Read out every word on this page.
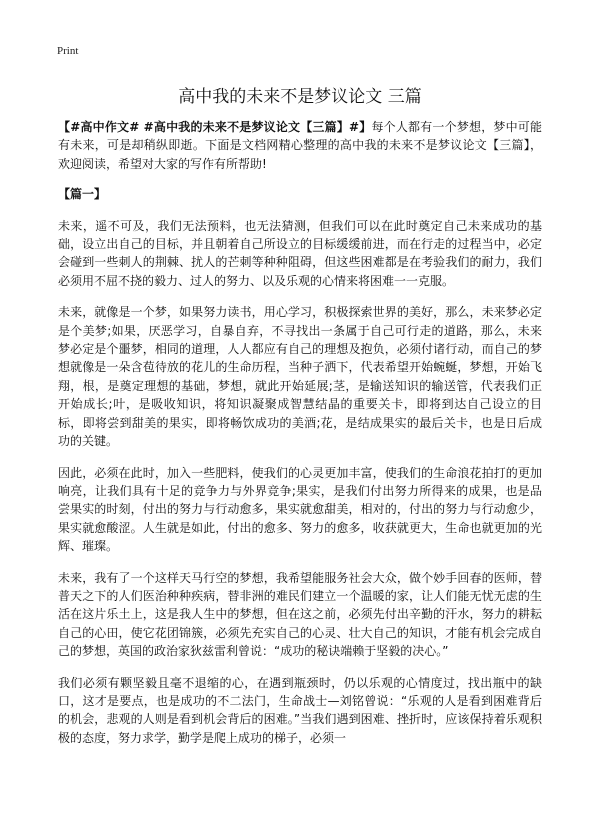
Print
高中我的未来不是梦议论文 三篇

【#高中作文# #高中我的未来不是梦议论文【三篇】#】每个人都有一个梦想，梦中可能有未来，可是却稍纵即逝。下面是文档网精心整理的高中我的未来不是梦议论文【三篇】，欢迎阅读，希望对大家的写作有所帮助!

【篇一】

未来，遥不可及，我们无法预料，也无法猜测，但我们可以在此时奠定自己未来成功的基础，设立出自己的目标，并且朝着自己所设立的目标缓缓前进，而在行走的过程当中，必定会碰到一些刺人的荆棘、扰人的芒刺等种种阻碍，但这些困难都是在考验我们的耐力，我们必须用不屈不挠的毅力、过人的努力、以及乐观的心情来将困难一一克服。

未来，就像是一个梦，如果努力读书，用心学习，积极探索世界的美好，那么，未来梦必定是个美梦;如果，厌恶学习，自暴自弃，不寻找出一条属于自己可行走的道路，那么，未来梦必定是个噩梦，相同的道理，人人都应有自己的理想及抱负，必须付诸行动，而自己的梦想就像是一朵含苞待放的花儿的生命历程，当种子洒下，代表希望开始蜿蜒，梦想，开始飞翔，根，是奠定理想的基础，梦想，就此开始延展;茎，是输送知识的输送管，代表我们正开始成长;叶，是吸收知识，将知识凝聚成智慧结晶的重要关卡，即将到达自己设立的目标，即将尝到甜美的果实，即将畅饮成功的美酒;花，是结成果实的最后关卡，也是日后成功的关键。

因此，必须在此时，加入一些肥料，使我们的心灵更加丰富，使我们的生命浪花拍打的更加响亮，让我们具有十足的竞争力与外界竞争;果实，是我们付出努力所得来的成果，也是品尝果实的时刻，付出的努力与行动愈多，果实就愈甜美，相对的，付出的努力与行动愈少，果实就愈酸涩。人生就是如此，付出的愈多、努力的愈多，收获就更大，生命也就更加的光辉、璀璨。

未来，我有了一个这样天马行空的梦想，我希望能服务社会大众，做个妙手回春的医师，替普天之下的人们医治种种疾病，替非洲的难民们建立一个温暖的家，让人们能无忧无虑的生活在这片乐土上，这是我人生中的梦想，但在这之前，必须先付出辛勤的汗水，努力的耕耘自己的心田，使它花团锦簇，必须先充实自己的心灵、壮大自己的知识，才能有机会完成自己的梦想，英国的政治家狄兹雷利曾说：“成功的秘诀端赖于坚毅的决心。”

我们必须有颗坚毅且毫不退缩的心，在遇到瓶颈时，仍以乐观的心情度过，找出瓶中的缺口，这才是要点，也是成功的不二法门，生命战士—刘铭曾说：“乐观的人是看到困难背后的机会，悲观的人则是看到机会背后的困难。”当我们遇到困难、挫折时，应该保持着乐观积极的态度，努力求学，勤学是爬上成功的梯子，必须一
